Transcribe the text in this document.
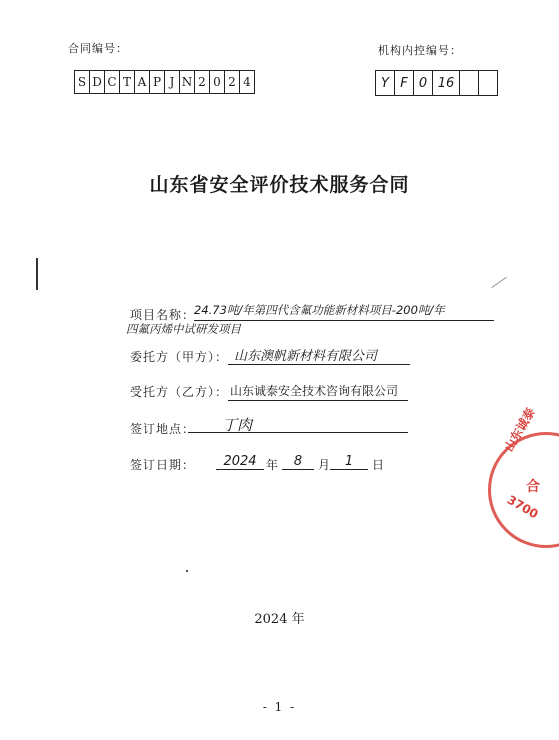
合同编号：	机构内控编号：
S D C T A P J N 2 0 2 4	Y F 0 16
山东省安全评价技术服务合同
项目名称：
24.73吨/年第四代含氟功能新材料项目-200吨/年
四氟丙烯中试研发项目
委托方（甲方）： 山东澳帆新材料有限公司
受托方（乙方）： 山东诚泰安全技术咨询有限公司
签订地点： 丁肉
签订日期：	2024 年	8	月	1	日
山东诚泰
合
3700
2024 年
- 1 -
